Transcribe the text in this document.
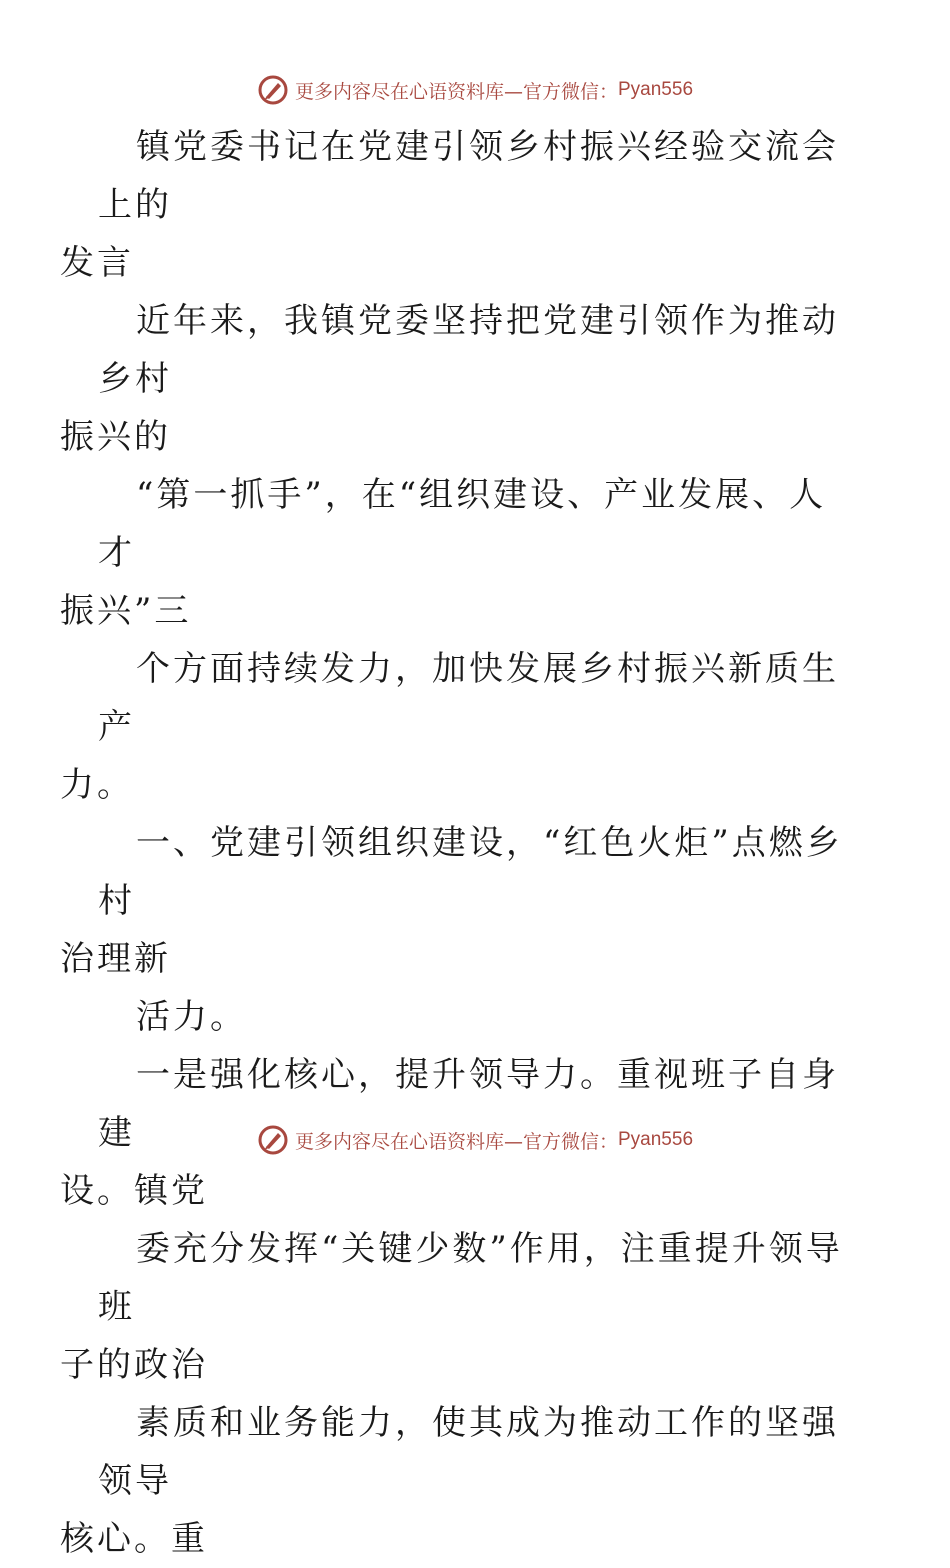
更多内容尽在心语资料库—官方微信： Pyan556

镇党委书记在党建引领乡村振兴经验交流会上的
发言

近年来，我镇党委坚持把党建引领作为推动乡村
振兴的

“第一抓手”，在“组织建设、产业发展、人才
振兴”三

个方面持续发力，加快发展乡村振兴新质生产
力。

一、党建引领组织建设，“红色火炬”点燃乡村
治理新

活力。

一是强化核心，提升领导力。重视班子自身建
设。镇党

委充分发挥“关键少数”作用，注重提升领导班
子的政治

素质和业务能力，使其成为推动工作的坚强领导
核心。重

更多内容尽在心语资料库—官方微信： Pyan556
